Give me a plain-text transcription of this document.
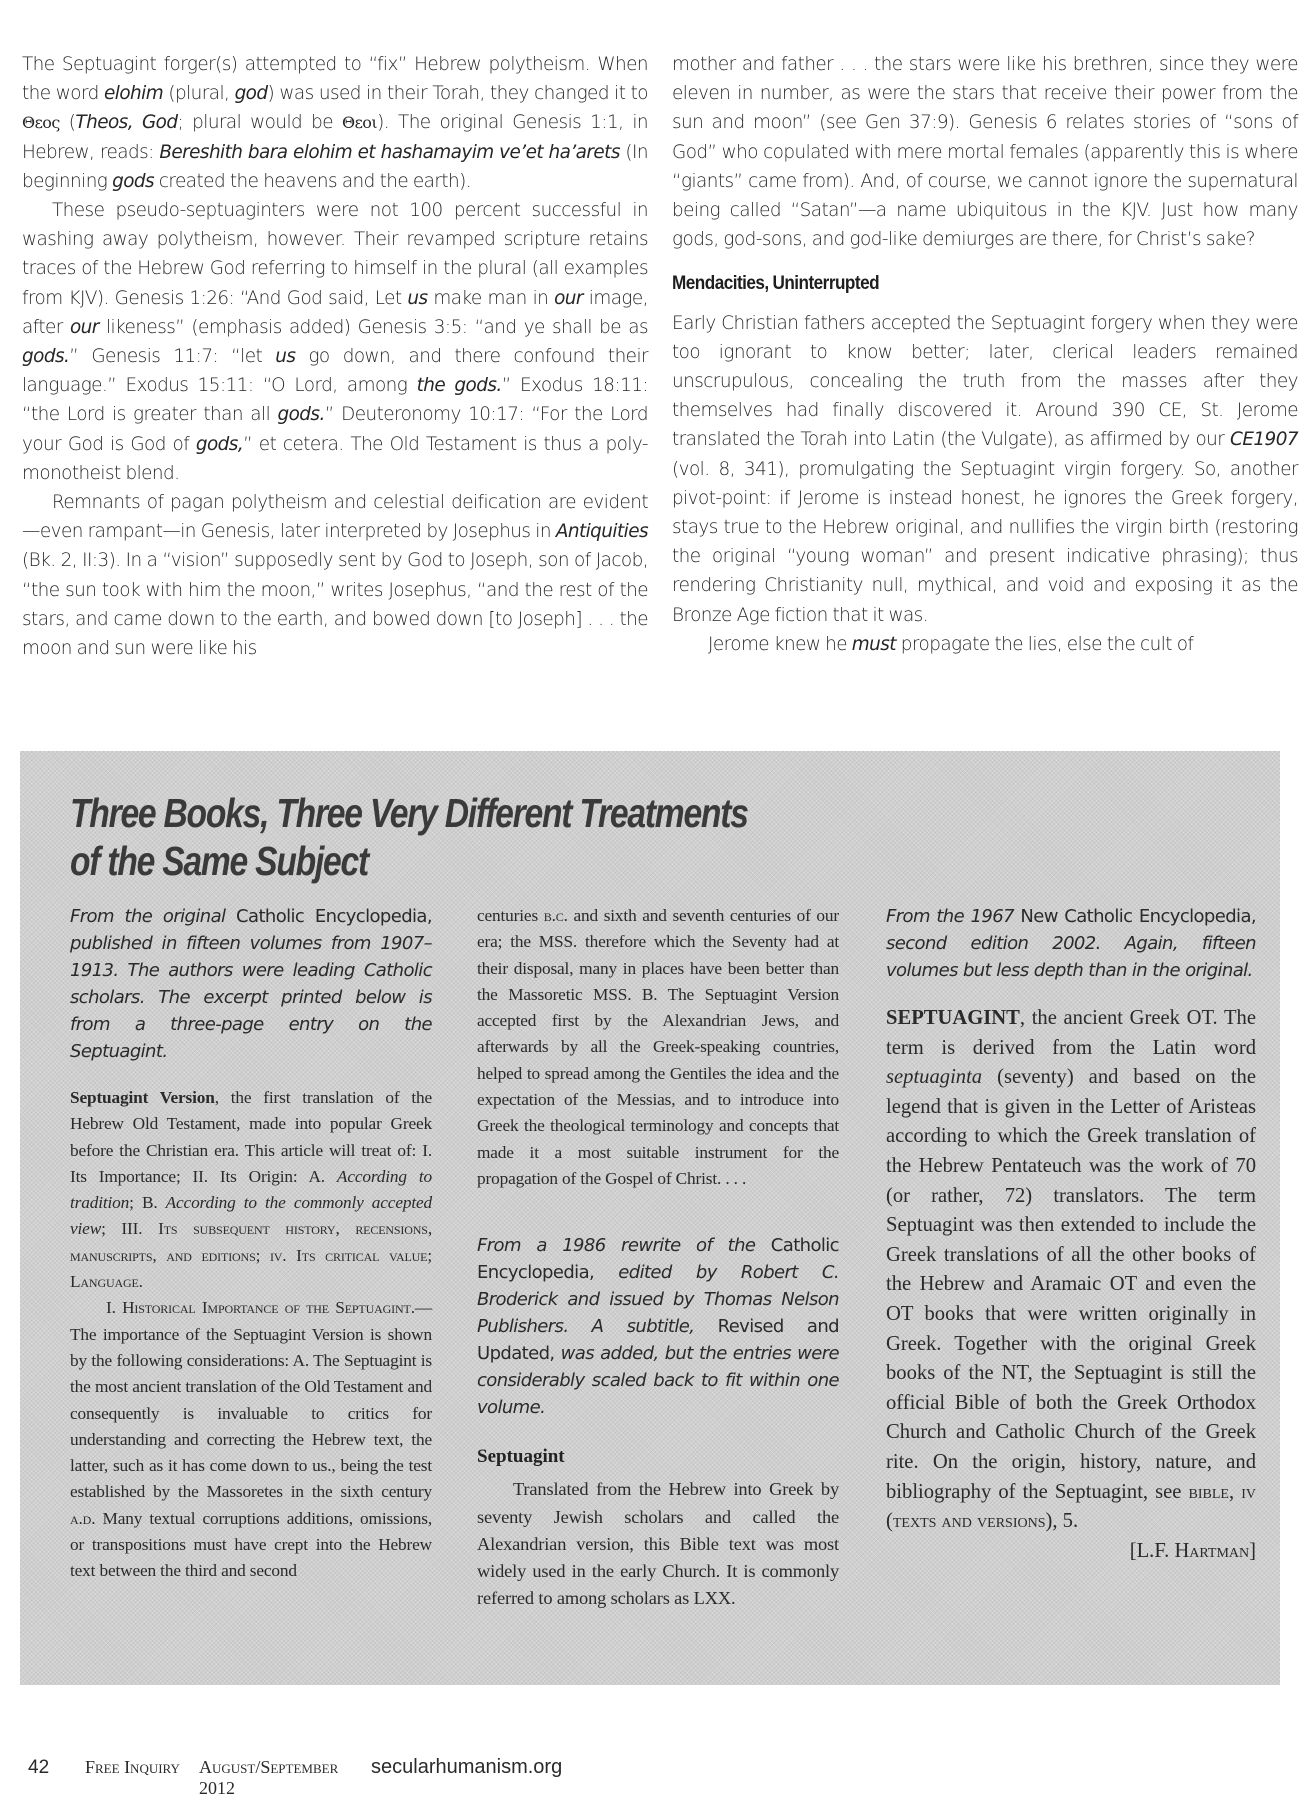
The Septuagint forger(s) attempted to “fix” Hebrew polytheism. When the word elohim (plural, god) was used in their Torah, they changed it to Θεος (Theos, God; plural would be Θεοι). The original Genesis 1:1, in Hebrew, reads: Bereshith bara elohim et hashamayim ve’et ha’arets (In beginning gods created the heavens and the earth).

These pseudo-septuaginters were not 100 percent successful in washing away polytheism, however. Their revamped scripture retains traces of the Hebrew God referring to himself in the plural (all examples from KJV). Genesis 1:26: “And God said, Let us make man in our image, after our likeness” (emphasis added) Genesis 3:5: “and ye shall be as gods.” Genesis 11:7: “let us go down, and there confound their language.” Exodus 15:11: “O Lord, among the gods.” Exodus 18:11: “the Lord is greater than all gods.” Deuteronomy 10:17: “For the Lord your God is God of gods,” et cetera. The Old Testament is thus a poly-monotheist blend.

Remnants of pagan polytheism and celestial deification are evident—even rampant—in Genesis, later interpreted by Josephus in Antiquities (Bk. 2, II:3). In a “vision” supposedly sent by God to Joseph, son of Jacob, “the sun took with him the moon,” writes Josephus, “and the rest of the stars, and came down to the earth, and bowed down [to Joseph] . . . the moon and sun were like his

mother and father . . . the stars were like his brethren, since they were eleven in number, as were the stars that receive their power from the sun and moon” (see Gen 37:9). Genesis 6 relates stories of “sons of God” who copulated with mere mortal females (apparently this is where “giants” came from). And, of course, we cannot ignore the supernatural being called “Satan”—a name ubiquitous in the KJV. Just how many gods, god-sons, and god-like demiurges are there, for Christ’s sake?

Mendacities, Uninterrupted

Early Christian fathers accepted the Septuagint forgery when they were too ignorant to know better; later, clerical leaders remained unscrupulous, concealing the truth from the masses after they themselves had finally discovered it. Around 390 CE, St. Jerome translated the Torah into Latin (the Vulgate), as affirmed by our CE1907 (vol. 8, 341), promulgating the Septuagint virgin forgery. So, another pivot-point: if Jerome is instead honest, he ignores the Greek forgery, stays true to the Hebrew original, and nullifies the virgin birth (restoring the original “young woman” and present indicative phrasing); thus rendering Christianity null, mythical, and void and exposing it as the Bronze Age fiction that it was.

Jerome knew he must propagate the lies, else the cult of

Three Books, Three Very Different Treatments
of the Same Subject

From the original Catholic Encyclopedia, published in fifteen volumes from 1907–1913. The authors were leading Catholic scholars. The excerpt printed below is from a three-page entry on the Septuagint.

Septuagint Version, the first translation of the Hebrew Old Testament, made into popular Greek before the Christian era. This article will treat of: I. Its Importance; II. Its Origin: A. According to tradition; B. According to the commonly accepted view; III. Its subsequent history, recensions, manuscripts, and editions; iv. Its critical value; Language.

I. Historical Importance of the Septuagint.—The importance of the Septuagint Version is shown by the following considerations: A. The Septuagint is the most ancient translation of the Old Testament and consequently is invaluable to critics for understanding and correcting the Hebrew text, the latter, such as it has come down to us., being the test established by the Massoretes in the sixth century a.d. Many textual corruptions additions, omissions, or transpositions must have crept into the Hebrew text between the third and second

centuries b.c. and sixth and seventh centuries of our era; the MSS. therefore which the Seventy had at their disposal, many in places have been better than the Massoretic MSS. B. The Septuagint Version accepted first by the Alexandrian Jews, and afterwards by all the Greek-speaking countries, helped to spread among the Gentiles the idea and the expectation of the Messias, and to introduce into Greek the theological terminology and concepts that made it a most suitable instrument for the propagation of the Gospel of Christ. . . .

From a 1986 rewrite of the Catholic Encyclopedia, edited by Robert C. Broderick and issued by Thomas Nelson Publishers. A subtitle, Revised and Updated, was added, but the entries were considerably scaled back to fit within one volume.

Septuagint

Translated from the Hebrew into Greek by seventy Jewish scholars and called the Alexandrian version, this Bible text was most widely used in the early Church. It is commonly referred to among scholars as LXX.

From the 1967 New Catholic Encyclopedia, second edition 2002. Again, fifteen volumes but less depth than in the original.

SEPTUAGINT, the ancient Greek OT. The term is derived from the Latin word septuaginta (seventy) and based on the legend that is given in the Letter of Aristeas according to which the Greek translation of the Hebrew Pentateuch was the work of 70 (or rather, 72) translators. The term Septuagint was then extended to include the Greek translations of all the other books of the Hebrew and Aramaic OT and even the OT books that were written originally in Greek. Together with the original Greek books of the NT, the Septuagint is still the official Bible of both the Greek Orthodox Church and Catholic Church of the Greek rite. On the origin, history, nature, and bibliography of the Septuagint, see bible, iv (texts and versions), 5.

[L.F. Hartman]

42	Free Inquiry	August/September 2012
secularhumanism.org
